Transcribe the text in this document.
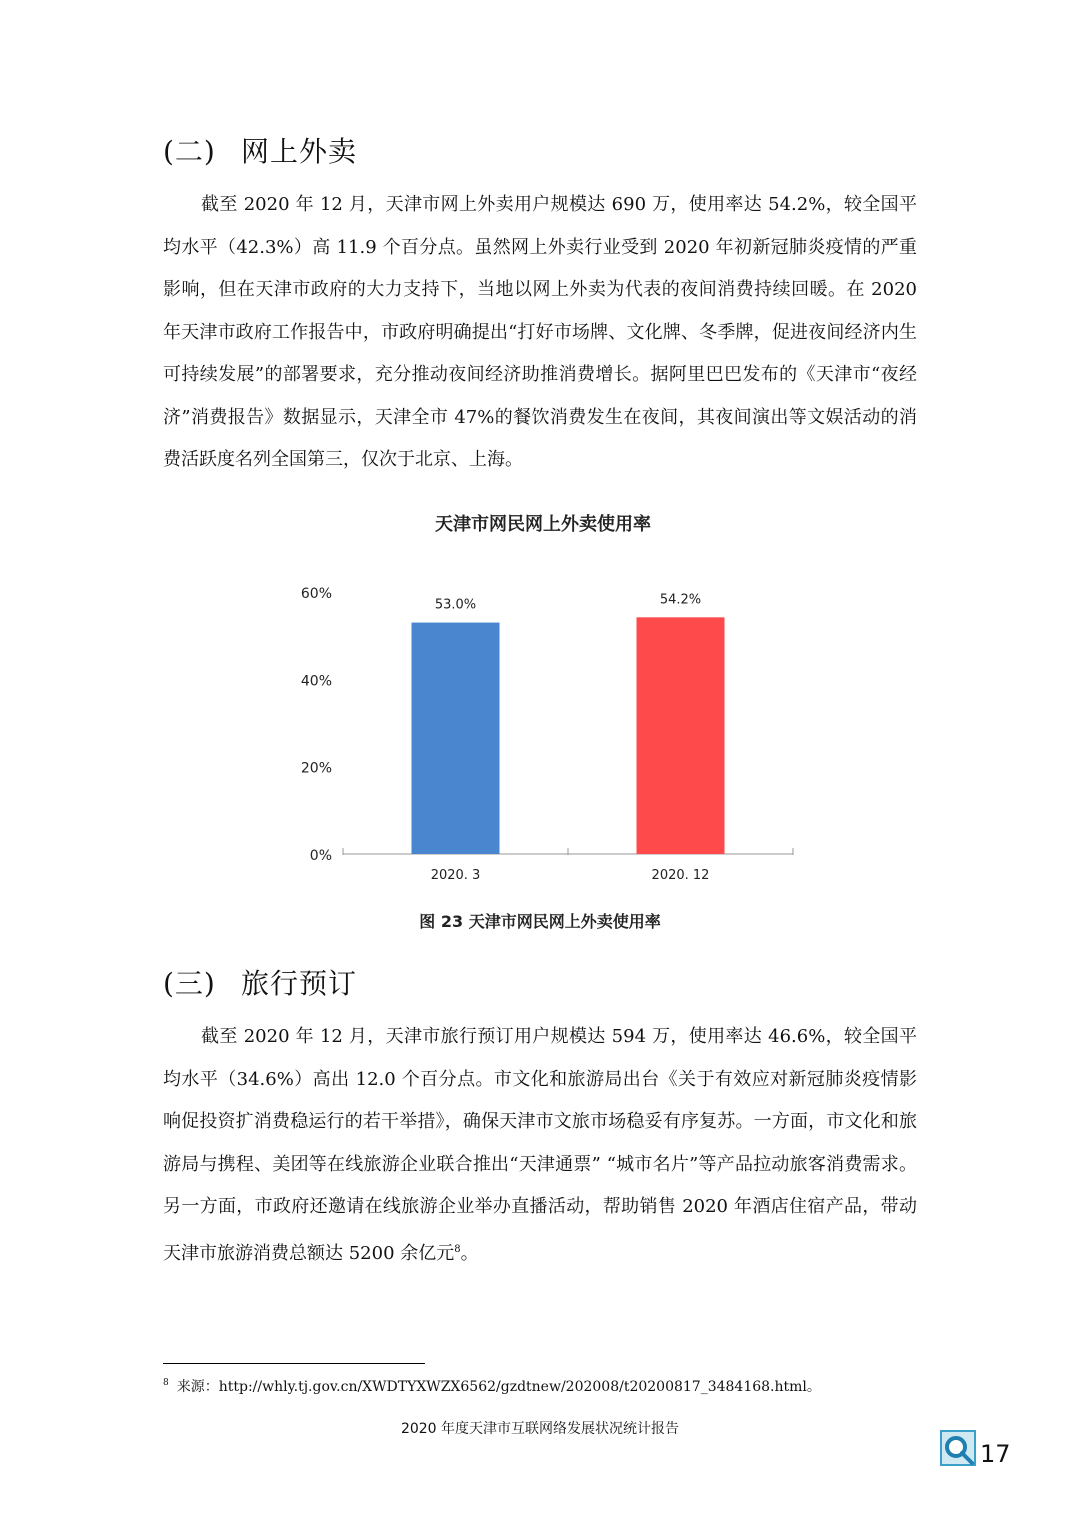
(二) 网上外卖

截至 2020 年 12 月，天津市网上外卖用户规模达 690 万，使用率达 54.2%，较全国平均水平（42.3%）高 11.9 个百分点。虽然网上外卖行业受到 2020 年初新冠肺炎疫情的严重影响，但在天津市政府的大力支持下，当地以网上外卖为代表的夜间消费持续回暖。在 2020 年天津市政府工作报告中，市政府明确提出“打好市场牌、文化牌、冬季牌，促进夜间经济内生可持续发展”的部署要求，充分推动夜间经济助推消费增长。据阿里巴巴发布的《天津市“夜经济”消费报告》数据显示，天津全市 47%的餐饮消费发生在夜间，其夜间演出等文娱活动的消费活跃度名列全国第三，仅次于北京、上海。

天津市网民网上外卖使用率
0%
20%
40%
60%
53.0%
2020. 3
54.2%
2020. 12
图 23 天津市网民网上外卖使用率
(三) 旅行预订

截至 2020 年 12 月，天津市旅行预订用户规模达 594 万，使用率达 46.6%，较全国平均水平（34.6%）高出 12.0 个百分点。市文化和旅游局出台《关于有效应对新冠肺炎疫情影响促投资扩消费稳运行的若干举措》，确保天津市文旅市场稳妥有序复苏。一方面，市文化和旅游局与携程、美团等在线旅游企业联合推出“天津通票” “城市名片”等产品拉动旅客消费需求。另一方面，市政府还邀请在线旅游企业举办直播活动，帮助销售 2020 年酒店住宿产品，带动天津市旅游消费总额达 5200 余亿元$^8$。

$^8$ 来源：http://whly.tj.gov.cn/XWDTYXWZX6562/gzdtnew/202008/t20200817_3484168.html。
2020 年度天津市互联网络发展状况统计报告
17
